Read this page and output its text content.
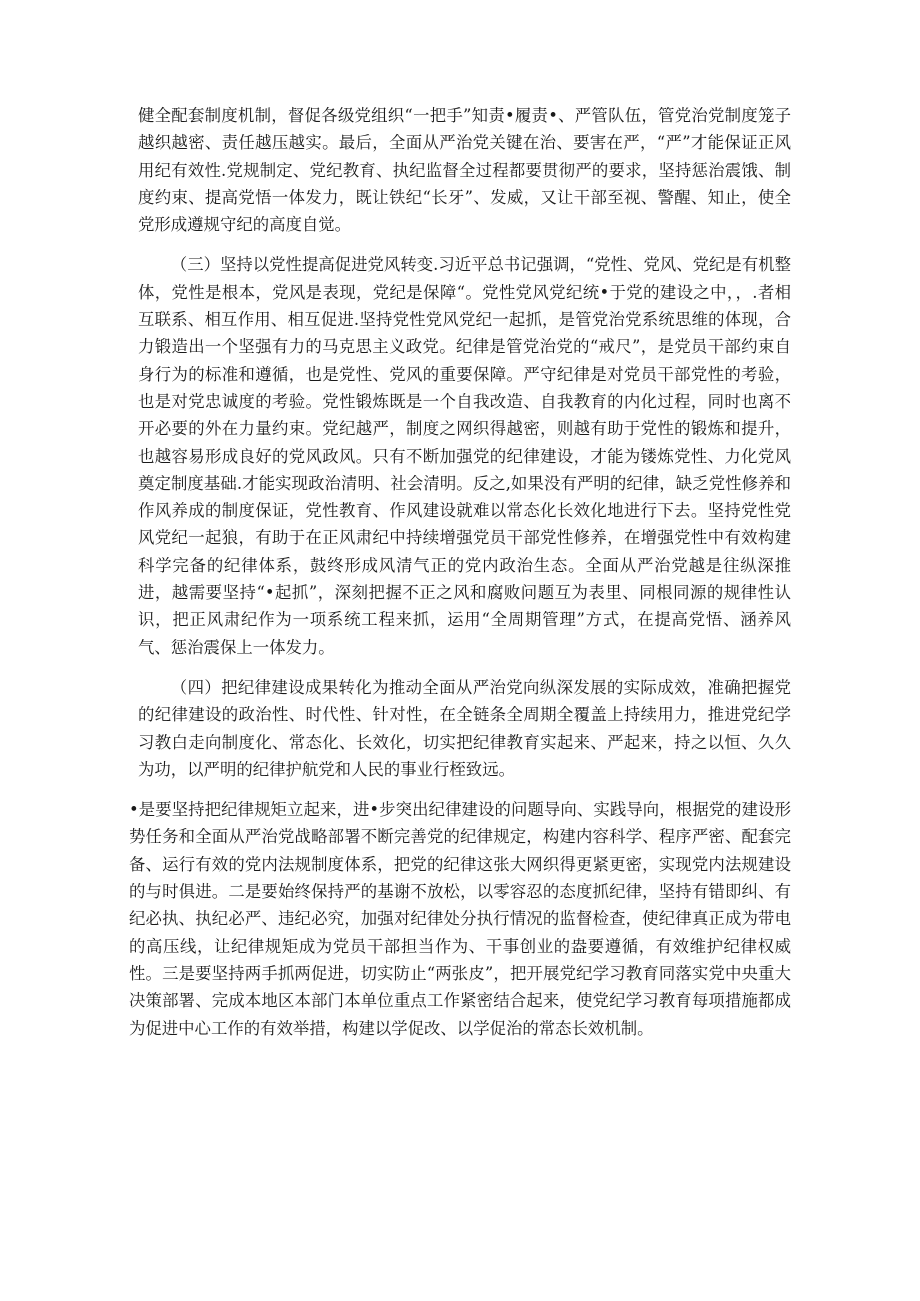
健全配套制度机制，督促各级党组织“一把手”知责•履责•、严管队伍，管党治党制度笼子越织越密、责任越压越实。最后，全面从严治党关键在治、要害在严，“严”才能保证正风用纪有效性.党规制定、党纪教育、执纪监督全过程都要贯彻严的要求，坚持惩治震饿、制度约束、提高党悟一体发力，既让铁纪“长牙”、发威，又让干部至视、警醒、知止，使全党形成遵规守纪的高度自觉。

（三）坚持以党性提高促进党风转变.习近平总书记强调，“党性、党风、党纪是有机整体，党性是根本，党风是表现，党纪是保障“。党性党风党纪统•于党的建设之中，，.者相互联系、相互作用、相互促进.坚持党性党风党纪一起抓，是管党治党系统思维的体现，合力锻造出一个坚强有力的马克思主义政党。纪律是管党治党的“戒尺”，是党员干部约束自身行为的标准和遵循，也是党性、党风的重要保障。严守纪律是对党员干部党性的考验，也是对党忠诚度的考验。党性锻炼既是一个自我改造、自我教育的内化过程，同时也离不开必要的外在力量约束。党纪越严，制度之网织得越密，则越有助于党性的锻炼和提升，也越容易形成良好的党风政风。只有不断加强党的纪律建设，才能为镂炼党性、力化党风奠定制度基础.才能实现政治清明、社会清明。反之,如果没有严明的纪律，缺乏党性修养和作风养成的制度保证，党性教育、作风建设就难以常态化长效化地进行下去。坚持党性党风党纪一起狼，有助于在正风肃纪中持续增强党员干部党性修养，在增强党性中有效构建科学完备的纪律体系，鼓终形成风清气正的党内政治生态。全面从严治党越是往纵深推进，越需要坚持“•起抓”，深刻把握不正之风和腐败问题互为表里、同根同源的规律性认识，把正风肃纪作为一项系统工程来抓，运用“全周期管理”方式，在提高党悟、涵养风气、惩治震保上一体发力。

（四）把纪律建设成果转化为推动全面从严治党向纵深发展的实际成效，准确把握党的纪律建设的政治性、时代性、针对性，在全链条全周期全覆盖上持续用力，推进党纪学习教白走向制度化、常态化、长效化，切实把纪律教育实起来、严起来，持之以恒、久久为功，以严明的纪律护航党和人民的事业行桎致远。

•是要坚持把纪律规矩立起来，进•步突出纪律建设的问题导向、实践导向，根据党的建设形势任务和全面从严治党战略部署不断完善党的纪律规定，构建内容科学、程序严密、配套完备、运行有效的党内法规制度体系，把党的纪律这张大网织得更紧更密，实现党内法规建设的与时俱进。二是要始终保持严的基谢不放松，以零容忍的态度抓纪律，坚持有错即纠、有纪必执、执纪必严、违纪必究，加强对纪律处分执行情况的监督检查，使纪律真正成为带电的高压线，让纪律规矩成为党员干部担当作为、干事创业的盎要遵循，有效维护纪律权威性。三是要坚持两手抓两促进，切实防止“两张皮”，把开展党纪学习教育同落实党中央重大决策部署、完成本地区本部门本单位重点工作紧密结合起来，使党纪学习教育每项措施都成为促进中心工作的有效举措，构建以学促改、以学促治的常态长效机制。
